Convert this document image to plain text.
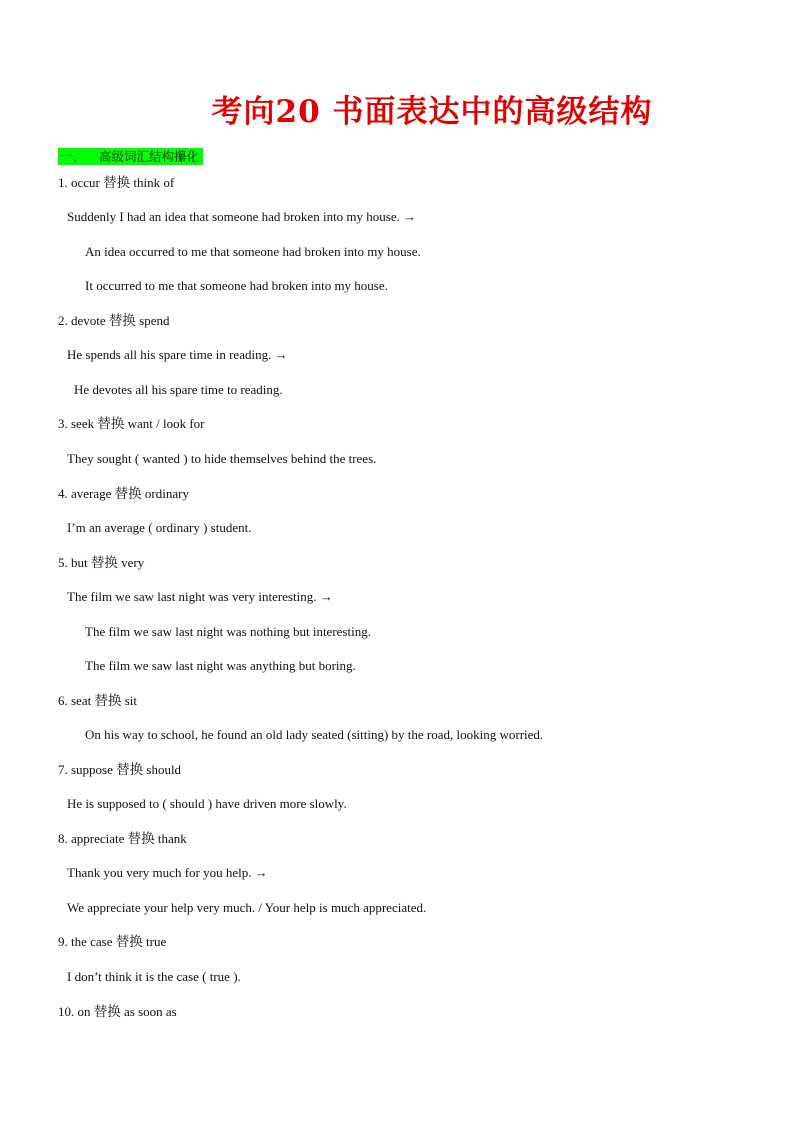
考向20 书面表达中的高级结构
一、 高级词汇结构攥化
1. occur 替换 think of
Suddenly I had an idea that someone had broken into my house. →
An idea occurred to me that someone had broken into my house.
It occurred to me that someone had broken into my house.
2. devote 替换 spend
He spends all his spare time in reading. →
He devotes all his spare time to reading.
3. seek 替换 want / look for
They sought ( wanted ) to hide themselves behind the trees.
4. average 替换 ordinary
I’m an average ( ordinary ) student.
5. but 替换 very
The film we saw last night was very interesting. →
The film we saw last night was nothing but interesting.
The film we saw last night was anything but boring.
6. seat 替换 sit
On his way to school, he found an old lady seated (sitting) by the road, looking worried.
7. suppose 替换 should
He is supposed to ( should ) have driven more slowly.
8. appreciate 替换 thank
Thank you very much for you help. →
We appreciate your help very much. / Your help is much appreciated.
9. the case 替换 true
I don’t think it is the case ( true ).
10. on 替换 as soon as
